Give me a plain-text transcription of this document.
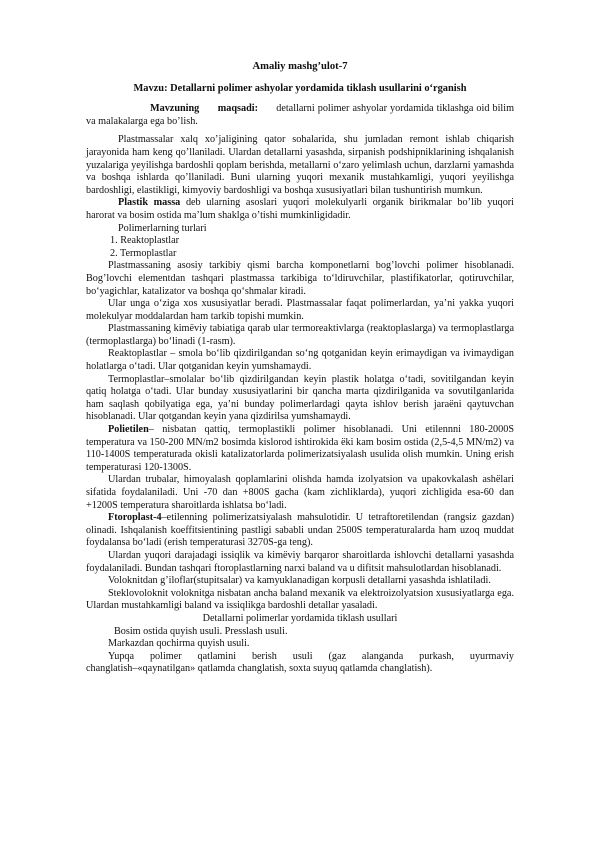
Amaliy mashg’ulot-7

Mavzu: Detallarni polimer ashyolar yordamida tiklash usullarini o‘rganish

Mavzuning maqsadi: detallarni polimer ashyolar yordamida tiklashga oid bilim va malakalarga ega bo’lish.

Plastmassalar xalq xo’jaligining qator sohalarida, shu jumladan remont ishlab chiqarish jarayonida ham keng qo’llaniladi. Ulardan detallarni yasashda, sirpanish podshipniklarining ishqalanish yuzalariga yeyilishga bardoshli qoplam berishda, metallarni o‘zaro yelimlash uchun, darzlarni yamashda va boshqa ishlarda qo’llaniladi. Buni ularning yuqori mexanik mustahkamligi, yuqori yeyilishga bardoshligi, elastikligi, kimyoviy bardoshligi va boshqa xususiyatlari bilan tushuntirish mumkun.

Plastik massa deb ularning asoslari yuqori molekulyarli organik birikmalar bo’lib yuqori harorat va bosim ostida ma’lum shaklga o’tishi mumkinligidadir.

Polimerlarning turlari

1. Reaktoplastlar

2. Termoplastlar

Plastmassaning asosiy tarkibiy qismi barcha komponetlarni bog’lovchi polimer hisoblanadi. Bog’lovchi elementdan tashqari plastmassa tarkibiga to‘ldiruvchilar, plastifikatorlar, qotiruvchilar, bo‘yagichlar, katalizator va boshqa qo‘shmalar kiradi.

Ular unga o‘ziga xos xususiyatlar beradi. Plastmassalar faqat polimerlardan, ya’ni yakka yuqori molekulyar moddalardan ham tarkib topishi mumkin.

Plastmassaning kimёviy tabiatiga qarab ular termoreaktivlarga (reaktoplaslarga) va termoplastlarga (termoplastlarga) bo‘linadi (1-rasm).

Reaktoplastlar – smola bo‘lib qizdirilgandan so‘ng qotganidan keyin erimaydigan va ivimaydigan holatlarga o‘tadi. Ular qotganidan keyin yumshamaydi.

Termoplastlar–smolalar bo‘lib qizdirilgandan keyin plastik holatga o‘tadi, sovitilgandan keyin qatiq holatga o‘tadi. Ular bunday xususiyatlarini bir qancha marta qizdirilganida va sovutilganlarida ham saqlash qobilyatiga ega, ya’ni bunday polimerlardagi qayta ishlov berish jaraёni qaytuvchan hisoblanadi. Ular qotgandan keyin yana qizdirilsa yumshamaydi.

Polietilen– nisbatan qattiq, termoplastikli polimer hisoblanadi. Uni etilennni 180-2000S temperatura va 150-200 MN/m2 bosimda kislorod ishtirokida ёki kam bosim ostida (2,5-4,5 MN/m2) va 110-1400S temperaturada okisli katalizatorlarda polimerizatsiyalash usulida olish mumkin. Uning erish temperaturasi 120-1300S.

Ulardan trubalar, himoyalash qoplamlarini olishda hamda izolyatsion va upakovkalash ashёlari sifatida foydalaniladi. Uni -70 dan +800S gacha (kam zichliklarda), yuqori zichligida esa-60 dan +1200S temperatura sharoitlarda ishlatsa bo‘ladi.

Ftoroplast-4–etilenning polimerizatsiyalash mahsulotidir. U tetraftoretilendan (rangsiz gazdan) olinadi. Ishqalanish koeffitsientining pastligi sababli undan 2500S temperaturalarda ham uzoq muddat foydalansa bo‘ladi (erish temperaturasi 3270S-ga teng).

Ulardan yuqori darajadagi issiqlik va kimёviy barqaror sharoitlarda ishlovchi detallarni yasashda foydalaniladi. Bundan tashqari ftoroplastlarning narxi baland va u difitsit mahsulotlardan hisoblanadi.

Voloknitdan g’iloflar(stupitsalar) va kamyuklanadigan korpusli detallarni yasashda ishlatiladi.

Steklovoloknit voloknitga nisbatan ancha baland mexanik va elektroizolyatsion xususiyatlarga ega. Ulardan mustahkamligi baland va issiqlikga bardoshli detallar yasaladi.

Detallarni polimerlar yordamida tiklash usullari

Bosim ostida quyish usuli. Presslash usuli.

Markazdan qochirma quyish usuli.

Yupqa polimer qatlamini berish usuli (gaz alanganda purkash, uyurmaviy changlatish–«qaynatilgan» qatlamda changlatish, soxta suyuq qatlamda changlatish).
